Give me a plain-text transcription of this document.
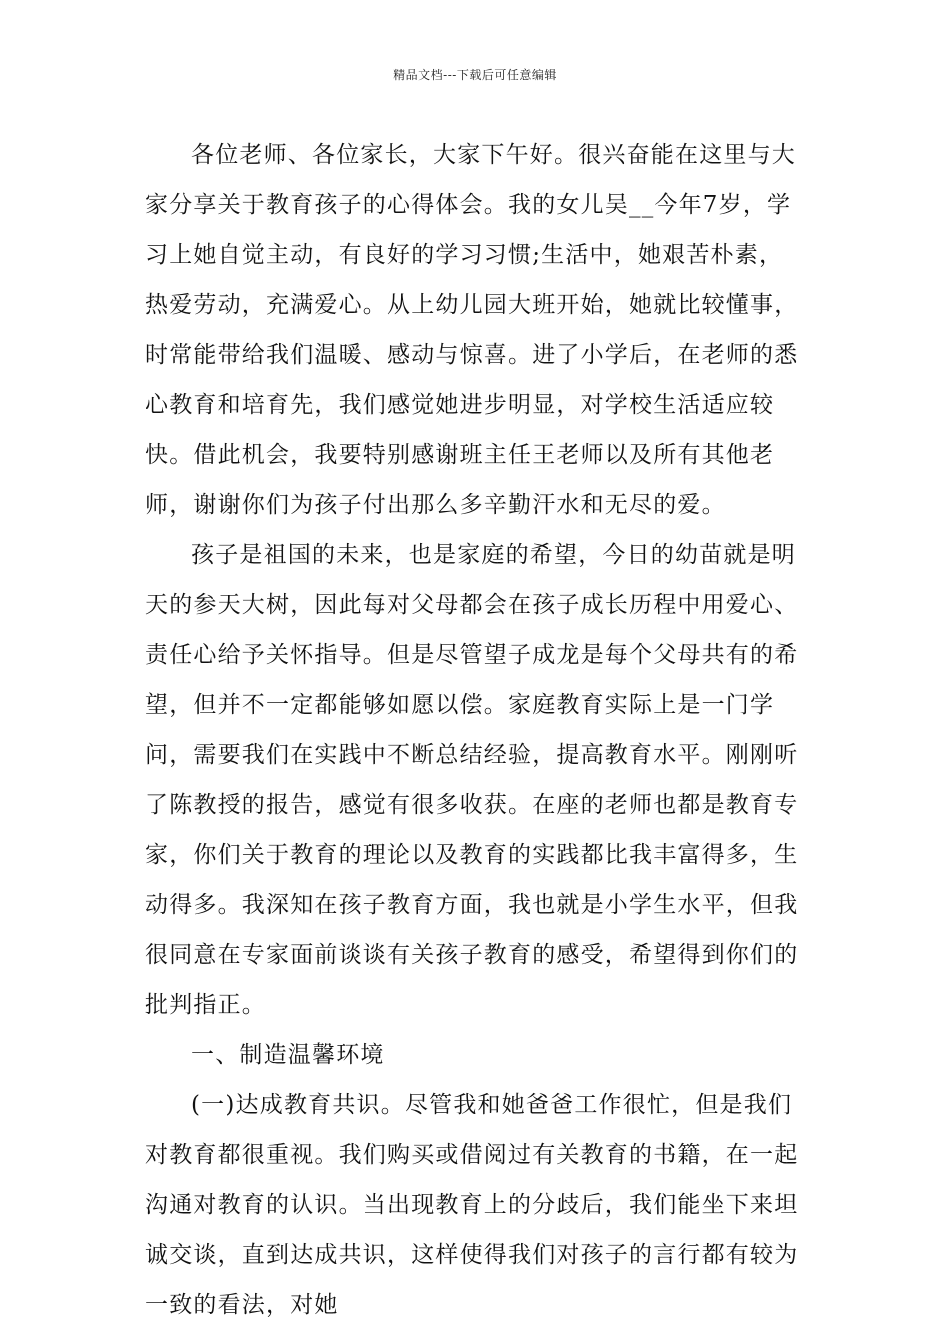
精品文档---下载后可任意编辑

各位老师、各位家长，大家下午好。很兴奋能在这里与大家分享关于教育孩子的心得体会。我的女儿吴__今年7岁，学习上她自觉主动，有良好的学习习惯;生活中，她艰苦朴素，热爱劳动，充满爱心。从上幼儿园大班开始，她就比较懂事，时常能带给我们温暖、感动与惊喜。进了小学后，在老师的悉心教育和培育先，我们感觉她进步明显，对学校生活适应较快。借此机会，我要特别感谢班主任王老师以及所有其他老师，谢谢你们为孩子付出那么多辛勤汗水和无尽的爱。

孩子是祖国的未来，也是家庭的希望，今日的幼苗就是明天的参天大树，因此每对父母都会在孩子成长历程中用爱心、责任心给予关怀指导。但是尽管望子成龙是每个父母共有的希望，但并不一定都能够如愿以偿。家庭教育实际上是一门学问，需要我们在实践中不断总结经验，提高教育水平。刚刚听了陈教授的报告，感觉有很多收获。在座的老师也都是教育专家，你们关于教育的理论以及教育的实践都比我丰富得多，生动得多。我深知在孩子教育方面，我也就是小学生水平，但我很同意在专家面前谈谈有关孩子教育的感受，希望得到你们的批判指正。

一、制造温馨环境

(一)达成教育共识。尽管我和她爸爸工作很忙，但是我们对教育都很重视。我们购买或借阅过有关教育的书籍，在一起沟通对教育的认识。当出现教育上的分歧后，我们能坐下来坦诚交谈，直到达成共识，这样使得我们对孩子的言行都有较为一致的看法，对她
